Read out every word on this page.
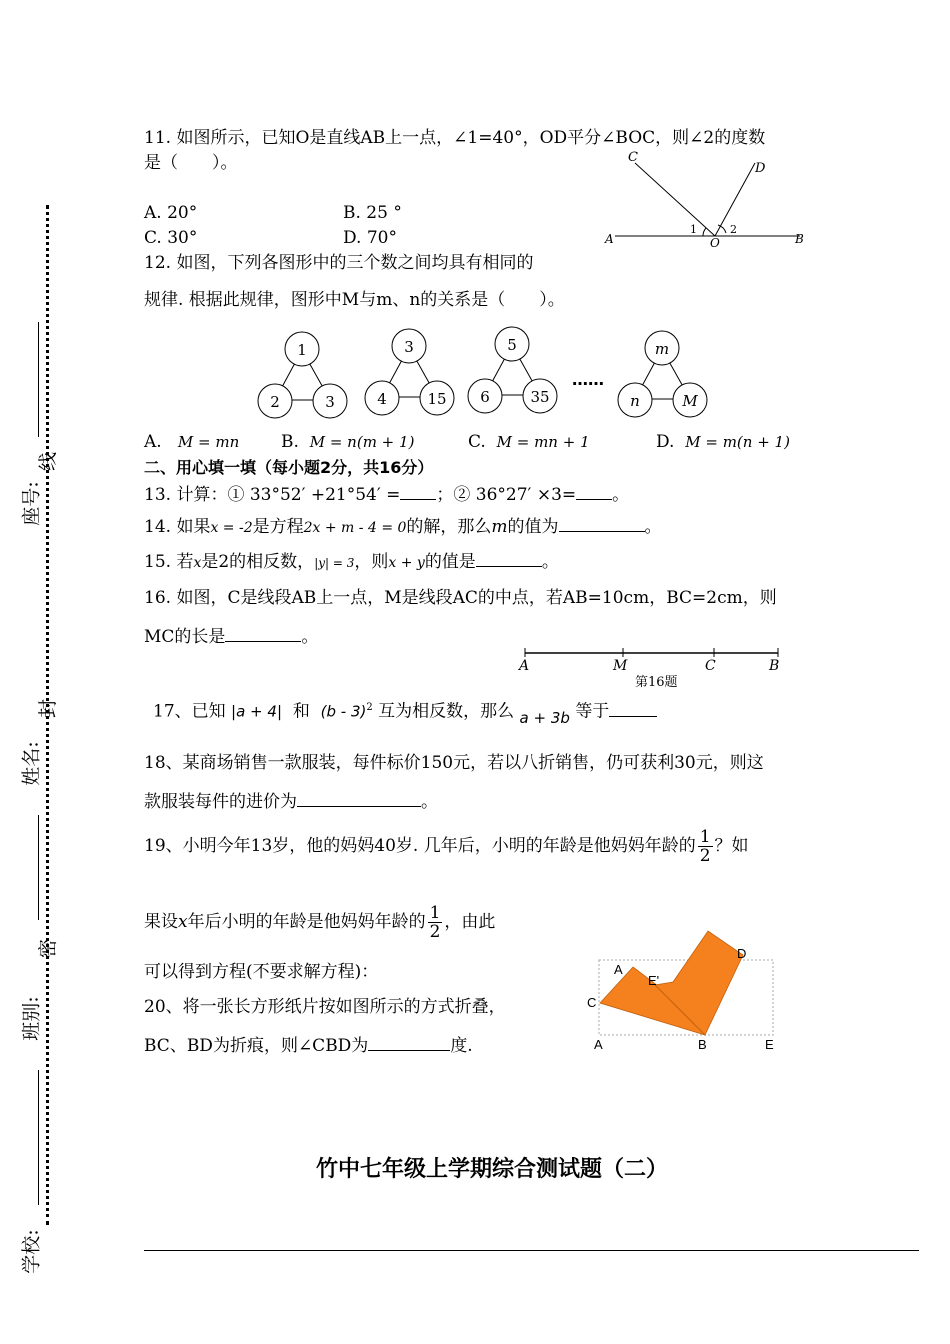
座号:
线
姓名:
封
班别:
密
学校:
11. 如图所示，已知O是直线AB上一点，∠1=40°，OD平分∠BOC，则∠2的度数
是（　　）。
A. 20°	B. 25 °
C. 30°	D. 70°
C
D
A	O	B
1	2
12. 如图，下列各图形中的三个数之间均具有相同的
规律. 根据此规律，图形中M与m、n的关系是（　　）。
1
2	3
3
4	15
5
6	35
……
m
n	M
A. M = mn B. M = n(m + 1)	C. M = mn + 1	D. M = m(n + 1)
二、用心填一填（每小题2分，共16分）
13. 计算：① 33°52′ +21°54′ = ；② 36°27′ ×3= 。
14. 如果x = -2是方程2x + m - 4 = 0的解，那么m的值为	。
15. 若x是2的相反数，|y| = 3，则x + y的值是	。
16. 如图，C是线段AB上一点，M是线段AC的中点，若AB=10cm，BC=2cm，则
MC的长是	。
A	M	C	B
第16题
17、已知 |a + 4| 和 (b - 3)$^2$ 互为相反数，那么 a + 3b 等于
18、某商场销售一款服装，每件标价150元，若以八折销售，仍可获利30元，则这
款服装每件的进价为	。
19、小明今年13岁，他的妈妈40岁. 几年后，小明的年龄是他妈妈年龄的 $\frac{1}{2}$ ？如
果设x年后小明的年龄是他妈妈年龄的 $\frac{1}{2}$ ，由此
可以得到方程(不要求解方程)：
20、将一张长方形纸片按如图所示的方式折叠，
BC、BD为折痕，则∠CBD为	度.
A
E'
D
C
A	B	E
竹中七年级上学期综合测试题（二）
